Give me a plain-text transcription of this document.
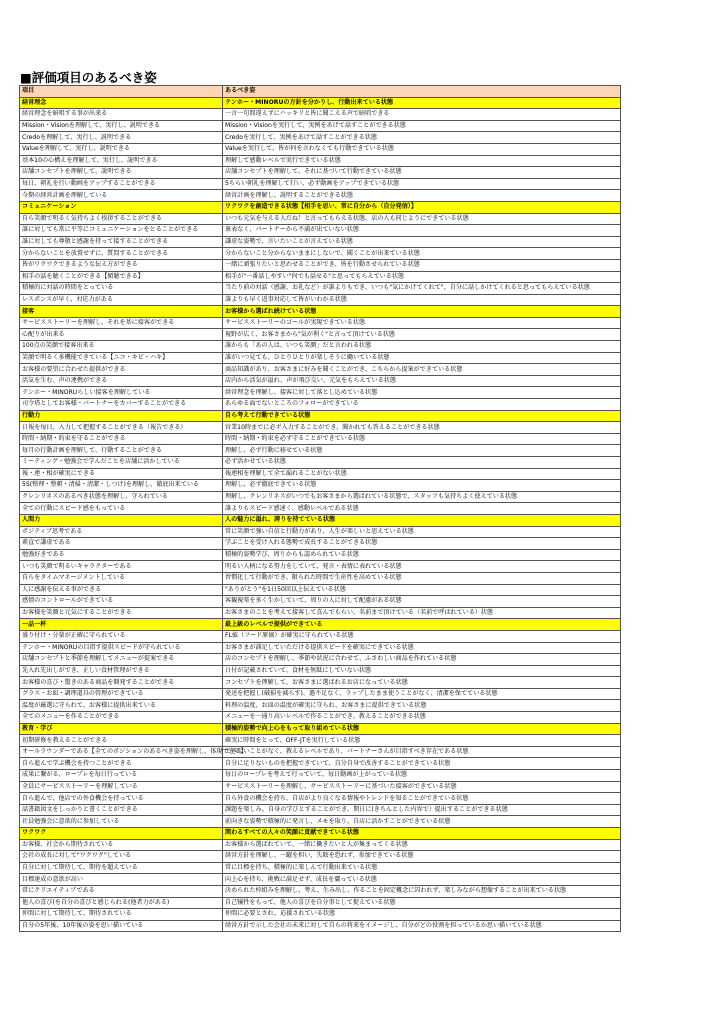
■評価項目のあるべき姿
項目	あるべき姿
経営理念	テンホー・MINORUの方針を分かりし、行動出来ている状態
経営理念を暗唱する事が出来る	一言一句間違えずにハッキリと皆に聞こえる声で暗唱できる
Mission・Visionを理解して、実行し、説明できる	Mission・Visionを実行して、実例をあげて話すことができる状態
Credoを理解して、実行し、説明できる	Credoを実行して、実例をあげて話すことができる状態
Valueを理解して、実行し、説明できる	Valueを実行して、皆が何を言わなくても行動できている状態
基本10の心構えを理解して、実行し、説明できる	理解して感動レベルで実行できている状態
店舗コンセプトを理解して、説明できる	店舗コンセプトを理解して、それに基づいて行動できている状態
毎日、朝礼を行い動画をアップすることができる	5ちらい朝礼を理解して行い、必ず動画をアップできている状態
今期の経営計画を理解している	経営計画を理解し、説明することができる状態
コミュニケーション	ワクワクを創造できる状態【相手を思い、常に自分から（自分発信）】
自ら笑顔で明るく気持ちよく挨拶することができる	いつも元気を与える人だね！と言ってもらえる状態。店の人も同じようにできている状態
誰に対しても常に平等にコミュニケーションをとることができる	裏表なく、パートナーから不満が出ていない状態
誰に対しても尊敬と感謝を持って接することができる	謙虚な姿勢で、言いたいことが言えている状態
分からないことを放置せずに、質問することができる	分からないこと分からないままにしないで、聞くことが出来ている状態
皆がワクワクできるような伝え方ができる	一緒に頑張りたいと思わせることができ、皆を行動させられている状態
相手の話を聴くことができる【傾聴できる】	相手が"一番話しやすい"何でも話せる"と思ってもらえている状態
積極的に対話の時間をとっている	当たり前の対話（感謝、お礼など）が誰よりもでき、いつも"気にかけてくれて"、自分に話しかけてくれると思ってもらえている状態
レスポンスが早く、対応力がある	誰よりも早く返事対応して皆がいわかる状態
接客	お客様から選ばれ続けている状態
サービスストーリーを理解し、それを基に接客ができる	サービスストーリーのゴールが実現できている状態
心配りが出来る	視野が広く、お客さまから"気が利く"と言って頂けている状態
100点の笑顔で接客出来る	誰からも「あの人は、いつも笑顔」だと言われる状態
笑顔で明るく多機能できている【ニコ・キビ・ハキ】	誰がいつ見ても、ひとりひとりが楽しそうに働いている状態
お客様の要望に合わせた提供ができる	商品知識があり、お客さまに好みを聞くことができ、こちらから提案ができている状態
活気を生む、声の連携ができる	店内から活気が溢れ、声が飛び交い、元気をもらえている状態
テンホー・MINORUらしい接客を理解している	経営理念を理解し、接客に対して落とし込めている状態
司令塔としてお客様・パートナーをカバーすることができる	あらゆる面でないところのフォローができている
行動力	自ら考えて行動できている状態
日報を毎日、入力して把握することができる（報告できる）	営業10時までに必ず入力することができ、聞かれても答えることができる状態
時間・納期・約束を守ることができる	時間・納期・約束を必ず守ることができている状態
毎月の行動計画を理解して、行動することができる	理解し、必ず行動に移せている状態
ミーティング・勉強会で学んだことを店舗に活かしている	必ず活かせている状態
報・連・相が確実にできる	報連相を理解して全て漏れることがない状態
5S(整理・整頓・清掃・清潔・しつけ)を理解し、徹底出来ている	理解し、必ず徹底できている状態
クレンリネスのあるべき状態を理解し、守られている	理解し、クレンリネスがいつでもお客さまから選ばれている状態で、スタッフも気持ちよく使えている状態
全ての行動にスピード感をもっている	誰よりもスピード感速く、感動レベルである状態
人間力	人の魅力に溢れ、誇りを持てている状態
ポジティブ思考である	常に笑顔で強い自信と行動力があり、人生が楽しいと思えている状態
素直で謙虚である	学ぶことを受け入れる態勢で成長することができる状態
勉強好きである	積極的姿勢学び、周りからも認められている状態
いつも笑顔で明るいキャラクターである	明るい人柄になる努力をしていて、発言・表情に表れている状態
自らをタイムマネージメントしている	習慣化して行動ができ、限られた時間で生産性を高めている状態
人に感謝を伝える事ができる	"ありがとう"を1日50回以上伝えている状態
感情のコントロールができている	客観視楽を多く生かしていて、周りの人に対して配慮がある状態
お客様を笑顔と元気にすることができる	お客さまのことを考えて接客して喜んでもらい、名前まで頂けている（名前で呼ばれている）状態
一品一杯	最上級のレベルで提供ができている
盛り付け・分量が正確に守られている	FL値（フード原価）が確実に守られている状態
テンホー・MINORUの目指す提供スピードが守られている	お客さまが満足していただける提供スピードを確実にできている状態
店舗コンセプトと季節を理解してメニューが提案できる	店のコンセプトを理解し、季節や状況に合わせて、ふさわしい商品を作れている状態
先入れ先出しができ、正しい食材管理ができる	日付が記載されていて、食材を無駄にしていない状態
お客様の喜び・驚きのある商品を開発することができる	コンセプトを理解して、お客さまに選ばれるお店になっている状態
グラス・お皿・調理道具の管理ができている	発送を把握し(破損を減らす)、過不足なく、ラップしたまま使うことがなく、清潔を保てている状態
温度が厳選に守られて、お客様に提供出来ている	料理の温度、お皿の温度が確実に守られ、お客さまに提供できている状態
全てのメニューを作ることができる	メニューを一通り高いレベルで作ることができ、教えることができる状態
教育・学び	積極的姿勢で向上心をもって取り組めている状態
初期研修を教えることができる	確実に時間をとって、OFF-JTを実行している状態
オールラウンダーである【全てのポジションのあるべき姿を理解し、体現できる】	できないことがなく、教えるレベルであり、パートナーさんが目指すべき存在である状態
自ら進んで学ぶ機会を持つことができる	自分に足りないものを把握できていて、自分自身で改善することができている状態
成果に繋がる、ロープレを毎日行っている	毎日のロープレを考えて行っていて、毎日動画が上がっている状態
全員にサービスストーリーを理解している	サービスストーリーを理解し、サービスストーリーに基づいた接客ができている状態
自ら進んで、他店での外食機会を持っている	自ら外食の機会を持ち、自店がより良くなる情報やトレンドを知ることができている状態
話書籍図文をしっかりと書くことができる	課題を楽しみ、自身の学びとすることができ、期日に(きちんとした内容で）提出することができる状態
社員勉強会に意欲的に参加している	前向きな姿勢で積極的に発言し、メモを取り、自店に活かすことができている状態
ワクワク	関わるすべての人々の笑顔に貢献できている状態
お客様、社会から期待されている	お客様から選ばれていて、一緒に働きたいと人が集まってくる状態
会社の成長に対して"ワクワク"している	経営方針を理解し、一躍を担い、失敗を恐れず、参加できている状態
自分に対して期待して、期待を超えている	常に目標を持ち、積極的に楽しんで行動出来ている状態
目標達成の意欲が高い	向上心を持ち、挑戦に満足せず、成長を齎っている状態
常にクリエイティブである	決められた枠組みを理解し、考え、生み出し、作ることを固定概念に囚われず、楽しみながら想像することが出来ている状態
他人の喜び(を自分の喜びと感じられる(他者力がある)	自己犠牲をもって、他人の喜びを自分事として捉えている状態
仲間に対して期待して、期待されている	仲間に必要とされ、応援されている状態
自分の5年後、10年後の姿を思い描いている	経営方針で示した会社の未来に対して自らの将来をイメージし、自分がどの役割を担っているか思い描いている状態
